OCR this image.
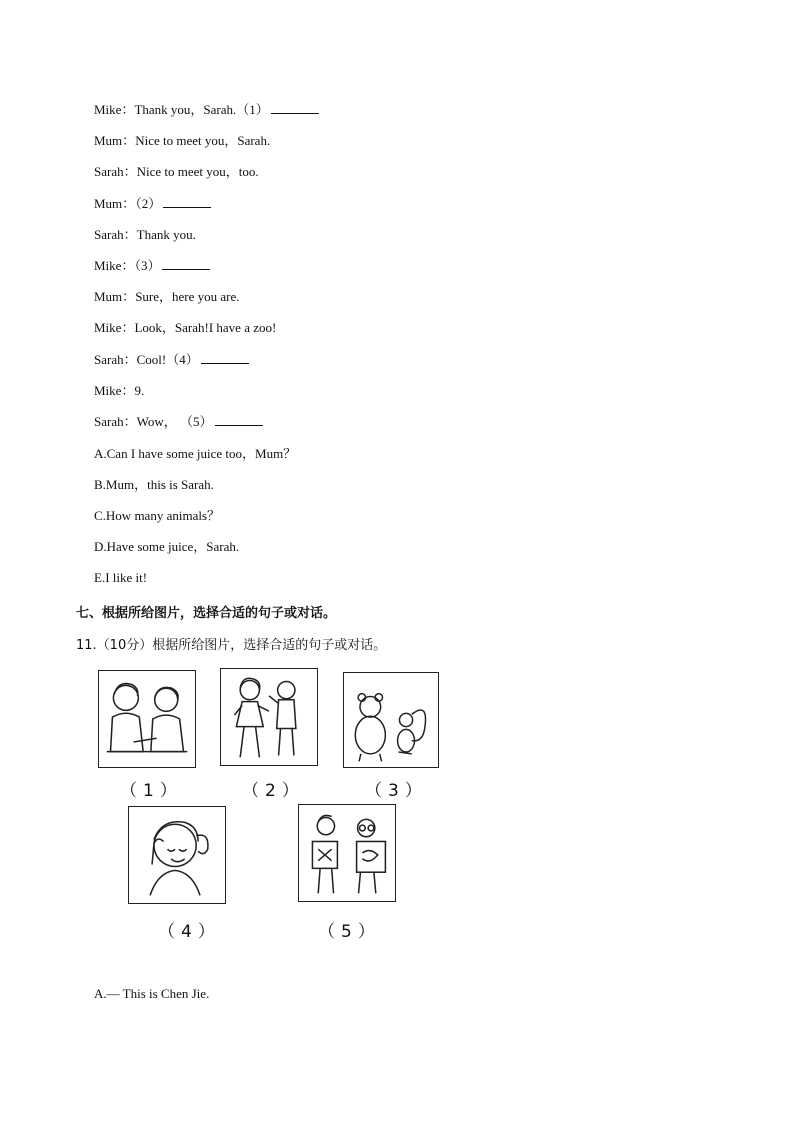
Mike：Thank you，Sarah.（1）
Mum：Nice to meet you，Sarah.
Sarah：Nice to meet you，too.
Mum：（2）
Sarah：Thank you.
Mike：（3）
Mum：Sure，here you are.
Mike：Look，Sarah!I have a zoo!
Sarah：Cool!（4）
Mike：9.
Sarah：Wow， （5）
A.Can I have some juice too，Mum？
B.Mum，this is Sarah.
C.How many animals？
D.Have some juice，Sarah.
E.I like it!
七、根据所给图片，选择合适的句子或对话。
11.（10分）根据所给图片，选择合适的句子或对话。
（1）	（2）	（3）
（4）	（5）
A.— This is Chen Jie.
